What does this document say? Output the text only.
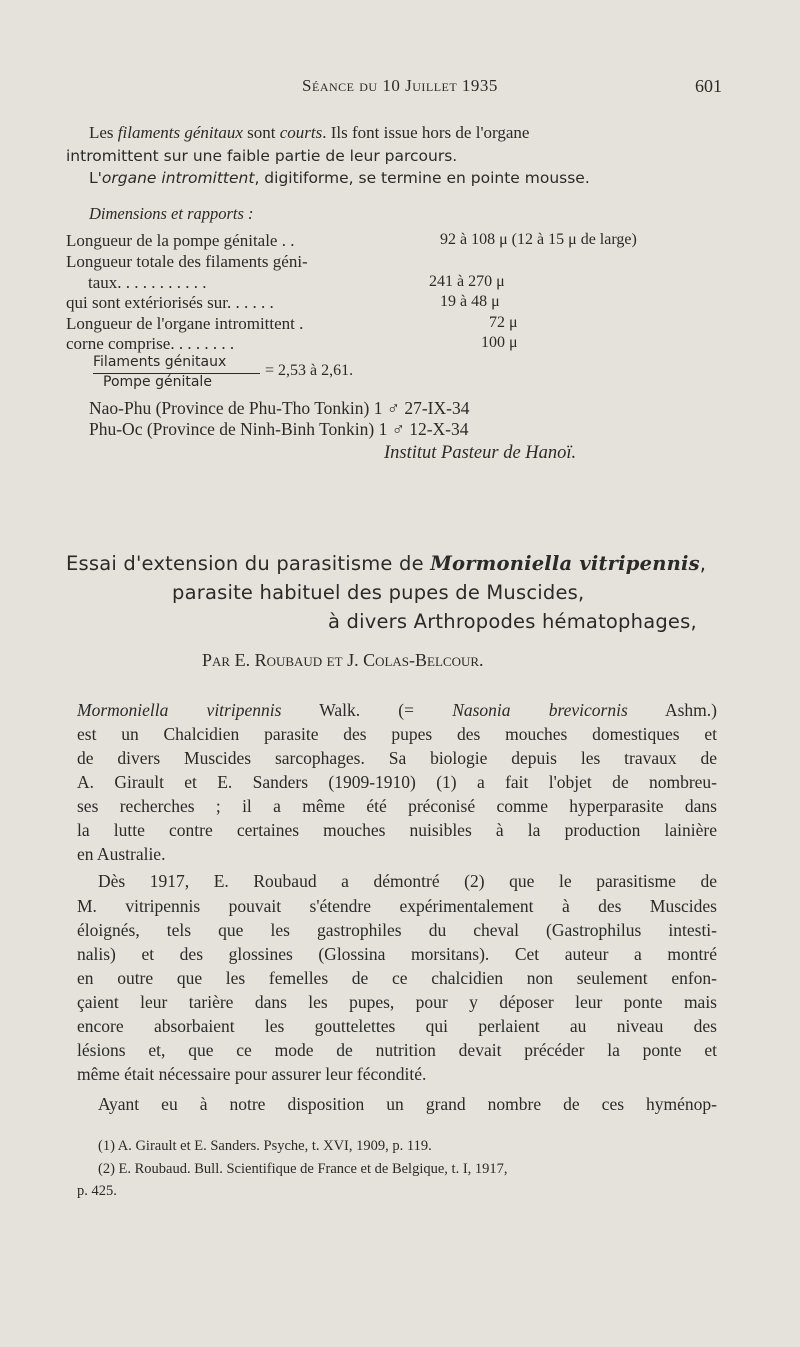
Séance du 10 Juillet 1935	601
Les filaments génitaux sont courts. Ils font issue hors de l'organe
intromittent sur une faible partie de leur parcours.
L'organe intromittent, digitiforme, se termine en pointe mousse.
Dimensions et rapports :
Longueur de la pompe génitale . .	92 à 108 μ (12 à 15 μ de large)
Longueur totale des filaments géni-
taux. . . . . . . . . . .	241 à 270 μ
qui sont extériorisés sur. . . . . .	19 à 48 μ
Longueur de l'organe intromittent .	72 μ
corne comprise. . . . . . . .	100 μ
Filaments génitaux
Pompe génitale
= 2,53 à 2,61.
Nao-Phu (Province de Phu-Tho Tonkin) 1 ♂ 27-IX-34
Phu-Oc (Province de Ninh-Binh Tonkin) 1 ♂ 12-X-34
Institut Pasteur de Hanoï.
Essai d'extension du parasitisme de Mormoniella vitripennis,
parasite habituel des pupes de Muscides,
à divers Arthropodes hématophages,
Par E. Roubaud et J. Colas-Belcour.
Mormoniella vitripennis Walk. (= Nasonia brevicornis Ashm.)
est un Chalcidien parasite des pupes des mouches domestiques et
de divers Muscides sarcophages. Sa biologie depuis les travaux de
A. Girault et E. Sanders (1909-1910) (1) a fait l'objet de nombreu-
ses recherches ; il a même été préconisé comme hyperparasite dans
la lutte contre certaines mouches nuisibles à la production lainière
en Australie.
Dès 1917, E. Roubaud a démontré (2) que le parasitisme de
M. vitripennis pouvait s'étendre expérimentalement à des Muscides
éloignés, tels que les gastrophiles du cheval (Gastrophilus intesti-
nalis) et des glossines (Glossina morsitans). Cet auteur a montré
en outre que les femelles de ce chalcidien non seulement enfon-
çaient leur tarière dans les pupes, pour y déposer leur ponte mais
encore absorbaient les gouttelettes qui perlaient au niveau des
lésions et, que ce mode de nutrition devait précéder la ponte et
même était nécessaire pour assurer leur fécondité.
Ayant eu à notre disposition un grand nombre de ces hyménop-
(1) A. Girault et E. Sanders. Psyche, t. XVI, 1909, p. 119.
(2) E. Roubaud. Bull. Scientifique de France et de Belgique, t. I, 1917,
p. 425.
